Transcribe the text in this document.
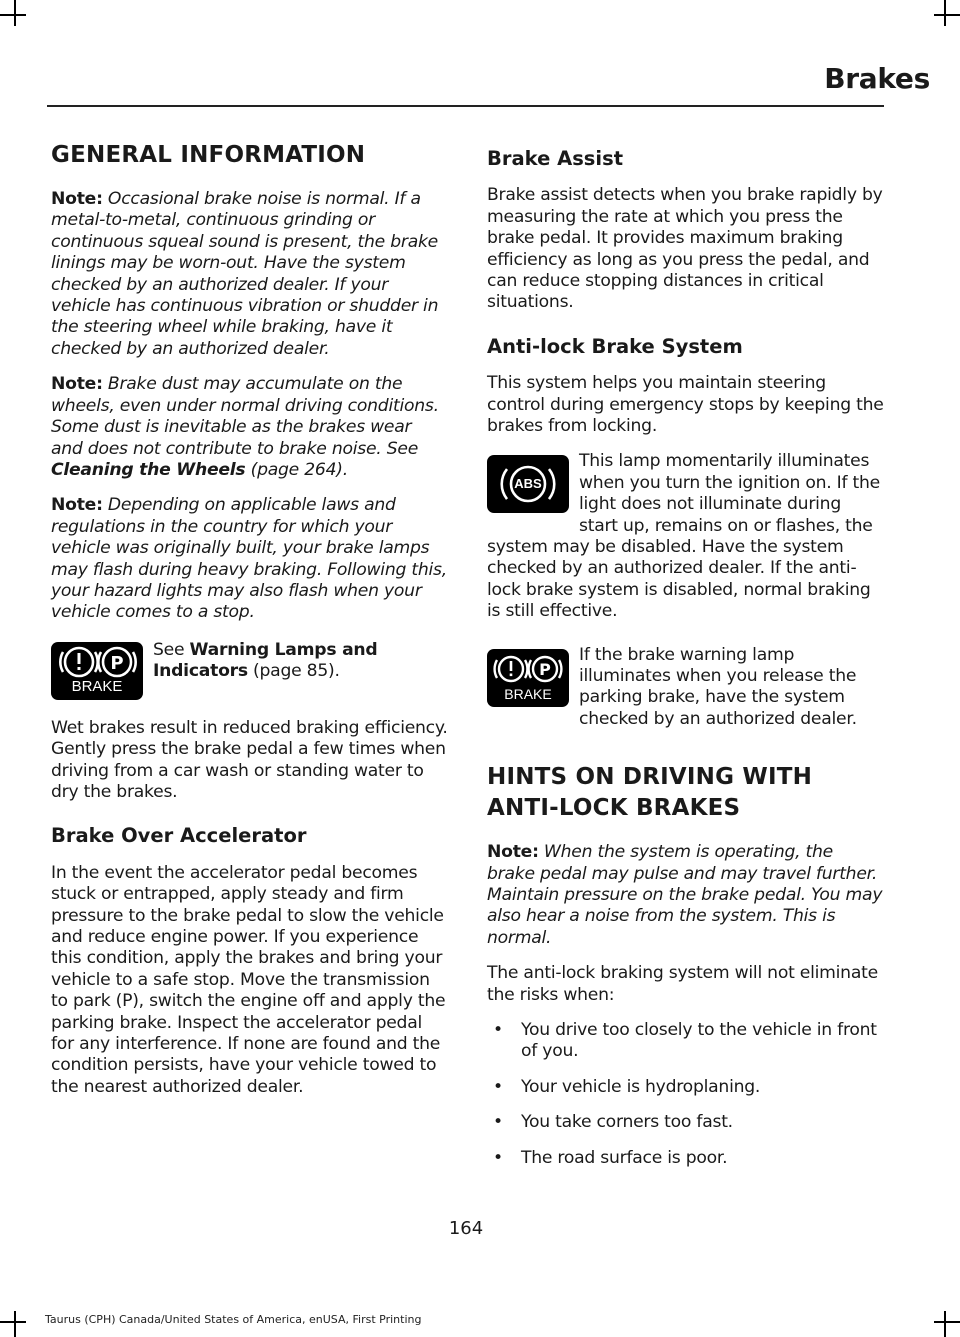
Brakes
GENERAL INFORMATION

Note: Occasional brake noise is normal. If a metal-to-metal, continuous grinding or continuous squeal sound is present, the brake linings may be worn-out. Have the system checked by an authorized dealer. If your vehicle has continuous vibration or shudder in the steering wheel while braking, have it checked by an authorized dealer.

Note: Brake dust may accumulate on the wheels, even under normal driving conditions. Some dust is inevitable as the brakes wear and does not contribute to brake noise. See Cleaning the Wheels (page 264).

Note: Depending on applicable laws and regulations in the country for which your vehicle was originally built, your brake lamps may flash during heavy braking. Following this, your hazard lights may also flash when your vehicle comes to a stop.

P
BRAKE

See Warning Lamps and Indicators (page 85).

Wet brakes result in reduced braking efficiency. Gently press the brake pedal a few times when driving from a car wash or standing water to dry the brakes.

Brake Over Accelerator

In the event the accelerator pedal becomes stuck or entrapped, apply steady and firm pressure to the brake pedal to slow the vehicle and reduce engine power. If you experience this condition, apply the brakes and bring your vehicle to a safe stop. Move the transmission to park (P), switch the engine off and apply the parking brake. Inspect the accelerator pedal for any interference. If none are found and the condition persists, have your vehicle towed to the nearest authorized dealer.

Brake Assist

Brake assist detects when you brake rapidly by measuring the rate at which you press the brake pedal. It provides maximum braking efficiency as long as you press the pedal, and can reduce stopping distances in critical situations.

Anti-lock Brake System

This system helps you maintain steering control during emergency stops by keeping the brakes from locking.

ABS

This lamp momentarily illuminates when you turn the ignition on. If the light does not illuminate during start up, remains on or flashes, the system may be disabled. Have the system checked by an authorized dealer. If the anti-lock brake system is disabled, normal braking is still effective.

P
BRAKE

If the brake warning lamp illuminates when you release the parking brake, have the system checked by an authorized dealer.

HINTS ON DRIVING WITH
ANTI-LOCK BRAKES

Note: When the system is operating, the brake pedal may pulse and may travel further. Maintain pressure on the brake pedal. You may also hear a noise from the system. This is normal.

The anti-lock braking system will not eliminate the risks when:

• You drive too closely to the vehicle in front of you.
• Your vehicle is hydroplaning.
• You take corners too fast.
• The road surface is poor.
164
Taurus (CPH) Canada/United States of America, enUSA, First Printing
